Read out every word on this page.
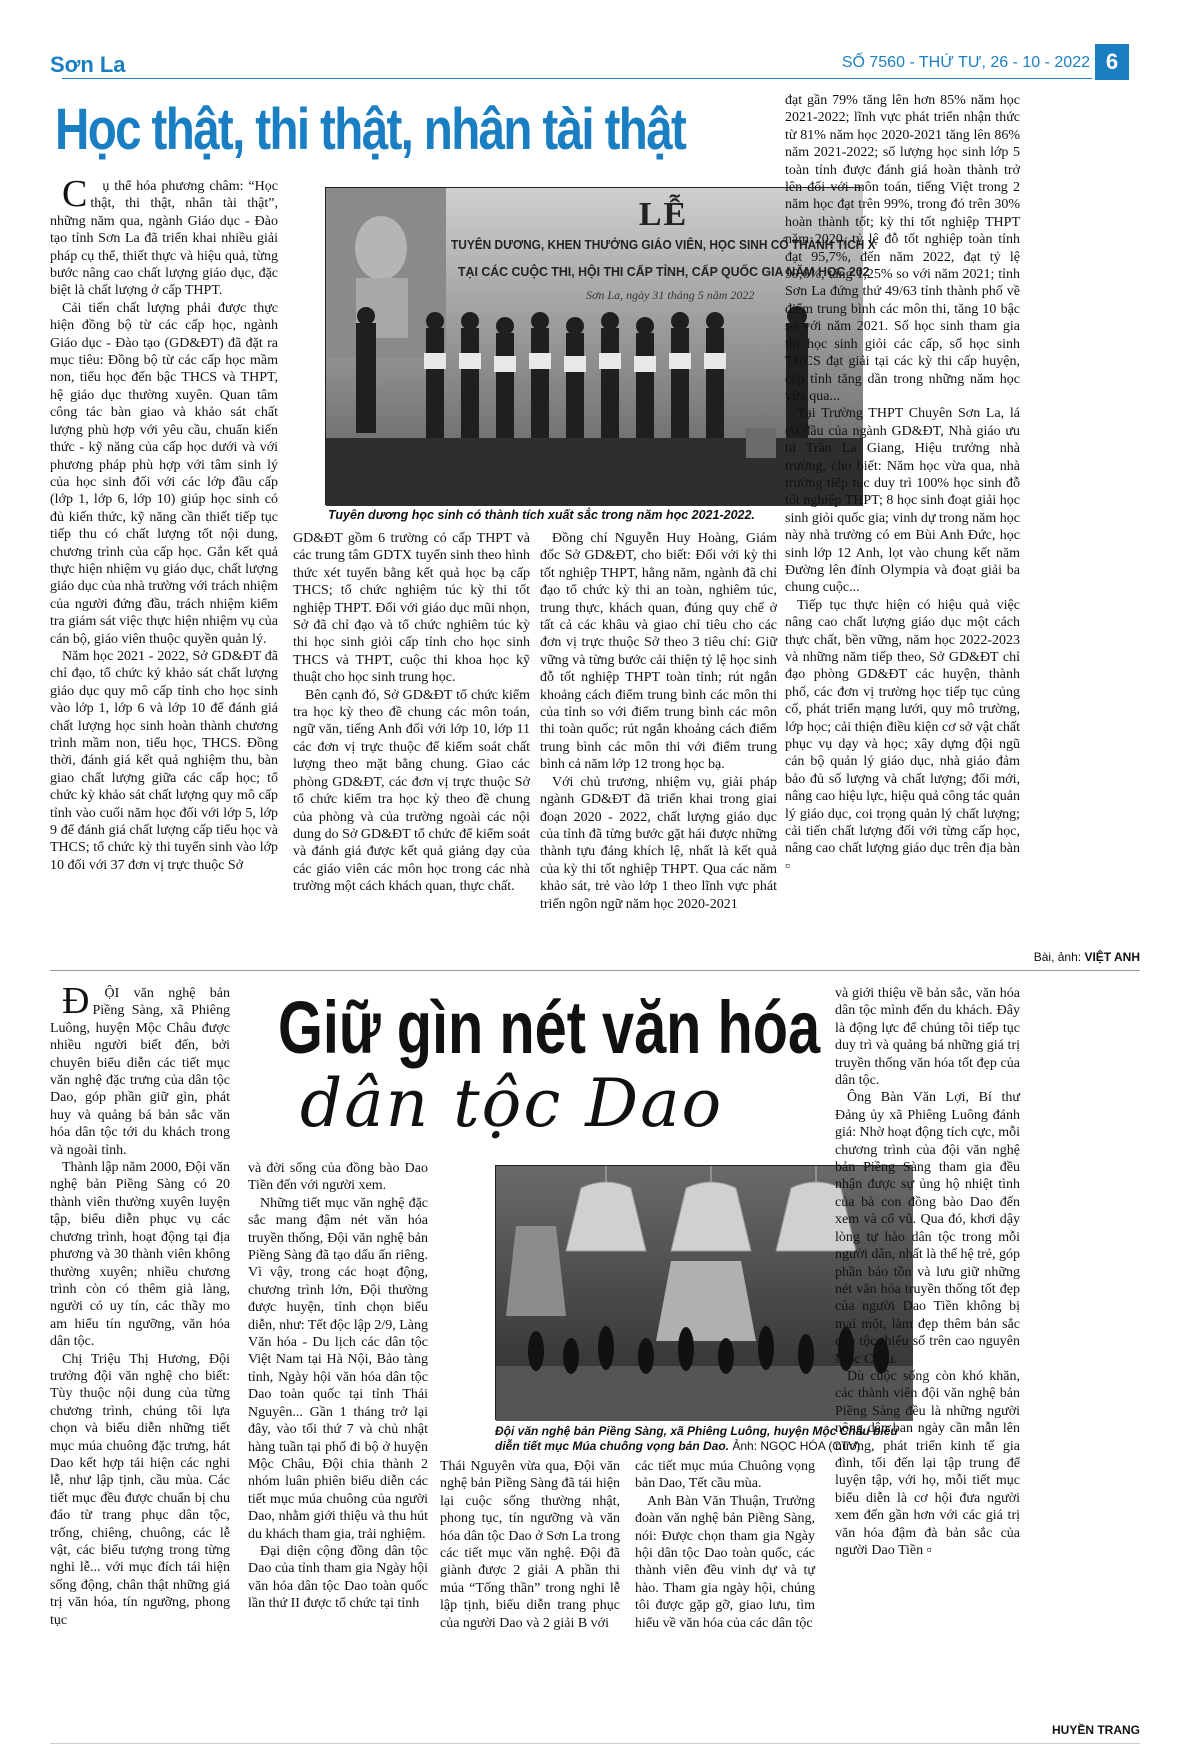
Sơn La	SỐ 7560 - THỨ TƯ, 26 - 10 - 2022 6
Học thật, thi thật, nhân tài thật

Cụ thể hóa phương châm: “Học thật, thi thật, nhân tài thật”, những năm qua, ngành Giáo dục - Đào tạo tỉnh Sơn La đã triển khai nhiều giải pháp cụ thể, thiết thực và hiệu quả, từng bước nâng cao chất lượng giáo dục, đặc biệt là chất lượng ở cấp THPT.

Cải tiến chất lượng phải được thực hiện đồng bộ từ các cấp học, ngành Giáo dục - Đào tạo (GD&ĐT) đã đặt ra mục tiêu: Đồng bộ từ các cấp học mầm non, tiểu học đến bậc THCS và THPT, hệ giáo dục thường xuyên. Quan tâm công tác bàn giao và khảo sát chất lượng phù hợp với yêu cầu, chuẩn kiến thức - kỹ năng của cấp học dưới và với phương pháp phù hợp với tâm sinh lý của học sinh đối với các lớp đầu cấp (lớp 1, lớp 6, lớp 10) giúp học sinh có đủ kiến thức, kỹ năng cần thiết tiếp tục tiếp thu có chất lượng tốt nội dung, chương trình của cấp học. Gắn kết quả thực hiện nhiệm vụ giáo dục, chất lượng giáo dục của nhà trường với trách nhiệm của người đứng đầu, trách nhiệm kiểm tra giám sát việc thực hiện nhiệm vụ của cán bộ, giáo viên thuộc quyền quản lý.

Năm học 2021 - 2022, Sở GD&ĐT đã chỉ đạo, tổ chức ký khảo sát chất lượng giáo dục quy mô cấp tỉnh cho học sinh vào lớp 1, lớp 6 và lớp 10 để đánh giá chất lượng học sinh hoàn thành chương trình mầm non, tiểu học, THCS. Đồng thời, đánh giá kết quả nghiệm thu, bàn giao chất lượng giữa các cấp học; tổ chức kỳ khảo sát chất lượng quy mô cấp tỉnh vào cuối năm học đối với lớp 5, lớp 9 để đánh giá chất lượng cấp tiểu học và THCS; tổ chức kỳ thi tuyển sinh vào lớp 10 đối với 37 đơn vị trực thuộc Sở

LỄ
TUYÊN DƯƠNG, KHEN THƯỞNG GIÁO VIÊN, HỌC SINH CÓ THÀNH TÍCH X
TẠI CÁC CUỘC THI, HỘI THI CẤP TỈNH, CẤP QUỐC GIA NĂM HỌC 202
Sơn La, ngày 31 tháng 5 năm 2022
Tuyên dương học sinh có thành tích xuất sắc trong năm học 2021-2022.

GD&ĐT gồm 6 trường có cấp THPT và các trung tâm GDTX tuyển sinh theo hình thức xét tuyển bằng kết quả học bạ cấp THCS; tổ chức nghiệm túc kỳ thi tốt nghiệp THPT. Đối với giáo dục mũi nhọn, Sở đã chỉ đạo và tổ chức nghiêm túc kỳ thi học sinh giỏi cấp tỉnh cho học sinh THCS và THPT, cuộc thi khoa học kỹ thuật cho học sinh trung học.

Bên cạnh đó, Sở GD&ĐT tổ chức kiểm tra học kỳ theo đề chung các môn toán, ngữ văn, tiếng Anh đối với lớp 10, lớp 11 các đơn vị trực thuộc để kiểm soát chất lượng theo mặt bằng chung. Giao các phòng GD&ĐT, các đơn vị trực thuộc Sở tổ chức kiểm tra học kỳ theo đề chung của phòng và của trường ngoài các nội dung do Sở GD&ĐT tổ chức để kiểm soát và đánh giá được kết quả giảng dạy của các giáo viên các môn học trong các nhà trường một cách khách quan, thực chất.

Đồng chí Nguyễn Huy Hoàng, Giám đốc Sở GD&ĐT, cho biết: Đối với kỳ thi tốt nghiệp THPT, hằng năm, ngành đã chỉ đạo tổ chức kỳ thi an toàn, nghiêm túc, trung thực, khách quan, đúng quy chế ở tất cả các khâu và giao chỉ tiêu cho các đơn vị trực thuộc Sở theo 3 tiêu chí: Giữ vững và từng bước cải thiện tỷ lệ học sinh đỗ tốt nghiệp THPT toàn tỉnh; rút ngắn khoảng cách điểm trung bình các môn thi của tỉnh so với điểm trung bình các môn thi toàn quốc; rút ngắn khoảng cách điểm trung bình các môn thi với điểm trung bình cả năm lớp 12 trong học bạ.

Với chủ trương, nhiệm vụ, giải pháp ngành GD&ĐT đã triển khai trong giai đoạn 2020 - 2022, chất lượng giáo dục của tỉnh đã từng bước gặt hái được những thành tựu đáng khích lệ, nhất là kết quả của kỳ thi tốt nghiệp THPT. Qua các năm khảo sát, trẻ vào lớp 1 theo lĩnh vực phát triển ngôn ngữ năm học 2020-2021

đạt gần 79% tăng lên hơn 85% năm học 2021-2022; lĩnh vực phát triển nhận thức từ 81% năm học 2020-2021 tăng lên 86% năm 2021-2022; số lượng học sinh lớp 5 toàn tỉnh được đánh giá hoàn thành trở lên đối với môn toán, tiếng Việt trong 2 năm học đạt trên 99%, trong đó trên 30% hoàn thành tốt; kỳ thi tốt nghiệp THPT năm 2020, tỷ lệ đỗ tốt nghiệp toàn tỉnh đạt 95,7%, đến năm 2022, đạt tỷ lệ 99,6%, tăng 1,25% so với năm 2021; tỉnh Sơn La đứng thứ 49/63 tỉnh thành phố về điểm trung bình các môn thi, tăng 10 bậc so với năm 2021. Số học sinh tham gia thi học sinh giỏi các cấp, số học sinh THCS đạt giải tại các kỳ thi cấp huyện, cấp tỉnh tăng dần trong những năm học vừa qua...

Tại Trường THPT Chuyên Sơn La, lá cờ đầu của ngành GD&ĐT, Nhà giáo ưu tú Trần La Giang, Hiệu trưởng nhà trường, cho biết: Năm học vừa qua, nhà trường tiếp tục duy trì 100% học sinh đỗ tốt nghiệp THPT; 8 học sinh đoạt giải học sinh giỏi quốc gia; vinh dự trong năm học này nhà trường có em Bùi Anh Đức, học sinh lớp 12 Anh, lọt vào chung kết năm Đường lên đỉnh Olympia và đoạt giải ba chung cuộc...

Tiếp tục thực hiện có hiệu quả việc nâng cao chất lượng giáo dục một cách thực chất, bền vững, năm học 2022-2023 và những năm tiếp theo, Sở GD&ĐT chỉ đạo phòng GD&ĐT các huyện, thành phố, các đơn vị trường học tiếp tục củng cố, phát triển mạng lưới, quy mô trường, lớp học; cải thiện điều kiện cơ sở vật chất phục vụ dạy và học; xây dựng đội ngũ cán bộ quản lý giáo dục, nhà giáo đảm bảo đủ số lượng và chất lượng; đổi mới, nâng cao hiệu lực, hiệu quả công tác quản lý giáo dục, coi trọng quản lý chất lượng; cải tiến chất lượng đối với từng cấp học, nâng cao chất lượng giáo dục trên địa bàn ▫

Bài, ảnh: VIỆT ANH

ĐỘI văn nghệ bản Piềng Sàng, xã Phiêng Luông, huyện Mộc Châu được nhiều người biết đến, bởi chuyên biểu diễn các tiết mục văn nghệ đặc trưng của dân tộc Dao, góp phần giữ gìn, phát huy và quảng bá bản sắc văn hóa dân tộc tới du khách trong và ngoài tỉnh.

Thành lập năm 2000, Đội văn nghệ bản Piềng Sàng có 20 thành viên thường xuyên luyện tập, biểu diễn phục vụ các chương trình, hoạt động tại địa phương và 30 thành viên không thường xuyên; nhiều chương trình còn có thêm già làng, người có uy tín, các thầy mo am hiểu tín ngưỡng, văn hóa dân tộc.

Chị Triệu Thị Hương, Đội trưởng đội văn nghệ cho biết: Tùy thuộc nội dung của từng chương trình, chúng tôi lựa chọn và biểu diễn những tiết mục múa chuông đặc trưng, hát Dao kết hợp tái hiện các nghi lễ, như lập tịnh, cầu mùa. Các tiết mục đều được chuẩn bị chu đáo từ trang phục dân tộc, trống, chiêng, chuông, các lễ vật, các biểu tượng trong từng nghi lễ... với mục đích tái hiện sống động, chân thật những giá trị văn hóa, tín ngưỡng, phong tục

Giữ gìn nét văn hóa
dân tộc Dao

và đời sống của đồng bào Dao Tiền đến với người xem.

Những tiết mục văn nghệ đặc sắc mang đậm nét văn hóa truyền thống, Đội văn nghệ bản Piềng Sàng đã tạo dấu ấn riêng. Vì vậy, trong các hoạt động, chương trình lớn, Đội thường được huyện, tỉnh chọn biểu diễn, như: Tết độc lập 2/9, Làng Văn hóa - Du lịch các dân tộc Việt Nam tại Hà Nội, Bảo tàng tỉnh, Ngày hội văn hóa dân tộc Dao toàn quốc tại tỉnh Thái Nguyên... Gần 1 tháng trở lại đây, vào tối thứ 7 và chủ nhật hàng tuần tại phố đi bộ ở huyện Mộc Châu, Đội chia thành 2 nhóm luân phiên biểu diễn các tiết mục múa chuông của người Dao, nhằm giới thiệu và thu hút du khách tham gia, trải nghiệm.

Đại diện cộng đồng dân tộc Dao của tỉnh tham gia Ngày hội văn hóa dân tộc Dao toàn quốc lần thứ II được tổ chức tại tỉnh

Đội văn nghệ bản Piềng Sàng, xã Phiêng Luông, huyện Mộc Châu biểu diễn tiết mục Múa chuông vọng bản Dao. Ảnh: NGỌC HÓA (CTV)

Thái Nguyên vừa qua, Đội văn nghệ bản Piềng Sàng đã tái hiện lại cuộc sống thường nhật, phong tục, tín ngưỡng và văn hóa dân tộc Dao ở Sơn La trong các tiết mục văn nghệ. Đội đã giành được 2 giải A phần thi múa “Tống thần” trong nghi lễ lập tịnh, biểu diễn trang phục của người Dao và 2 giải B với

các tiết mục múa Chuông vọng bản Dao, Tết cầu mùa.

Anh Bàn Văn Thuận, Trưởng đoàn văn nghệ bản Piềng Sàng, nói: Được chọn tham gia Ngày hội dân tộc Dao toàn quốc, các thành viên đều vinh dự và tự hào. Tham gia ngày hội, chúng tôi được gặp gỡ, giao lưu, tìm hiểu về văn hóa của các dân tộc

và giới thiệu về bản sắc, văn hóa dân tộc mình đến du khách. Đây là động lực để chúng tôi tiếp tục duy trì và quảng bá những giá trị truyền thống văn hóa tốt đẹp của dân tộc.

Ông Bàn Văn Lợi, Bí thư Đảng ủy xã Phiêng Luông đánh giá: Nhờ hoạt động tích cực, mỗi chương trình của đội văn nghệ bản Piềng Sàng tham gia đều nhận được sự ủng hộ nhiệt tình của bà con đồng bào Dao đến xem và cổ vũ. Qua đó, khơi dậy lòng tự hào dân tộc trong mỗi người dân, nhất là thế hệ trẻ, góp phần bảo tồn và lưu giữ những nét văn hóa truyền thống tốt đẹp của người Dao Tiền không bị mai một, làm đẹp thêm bản sắc dân tộc thiểu số trên cao nguyên Mộc Châu.

Dù cuộc sống còn khó khăn, các thành viên đội văn nghệ bản Piềng Sàng đều là những người nông dân ban ngày cần mẫn lên nương, phát triển kinh tế gia đình, tối đến lại tập trung để luyện tập, với họ, mỗi tiết mục biểu diễn là cơ hội đưa người xem đến gần hơn với các giá trị văn hóa đậm đà bản sắc của người Dao Tiền ▫

HUYỀN TRANG
